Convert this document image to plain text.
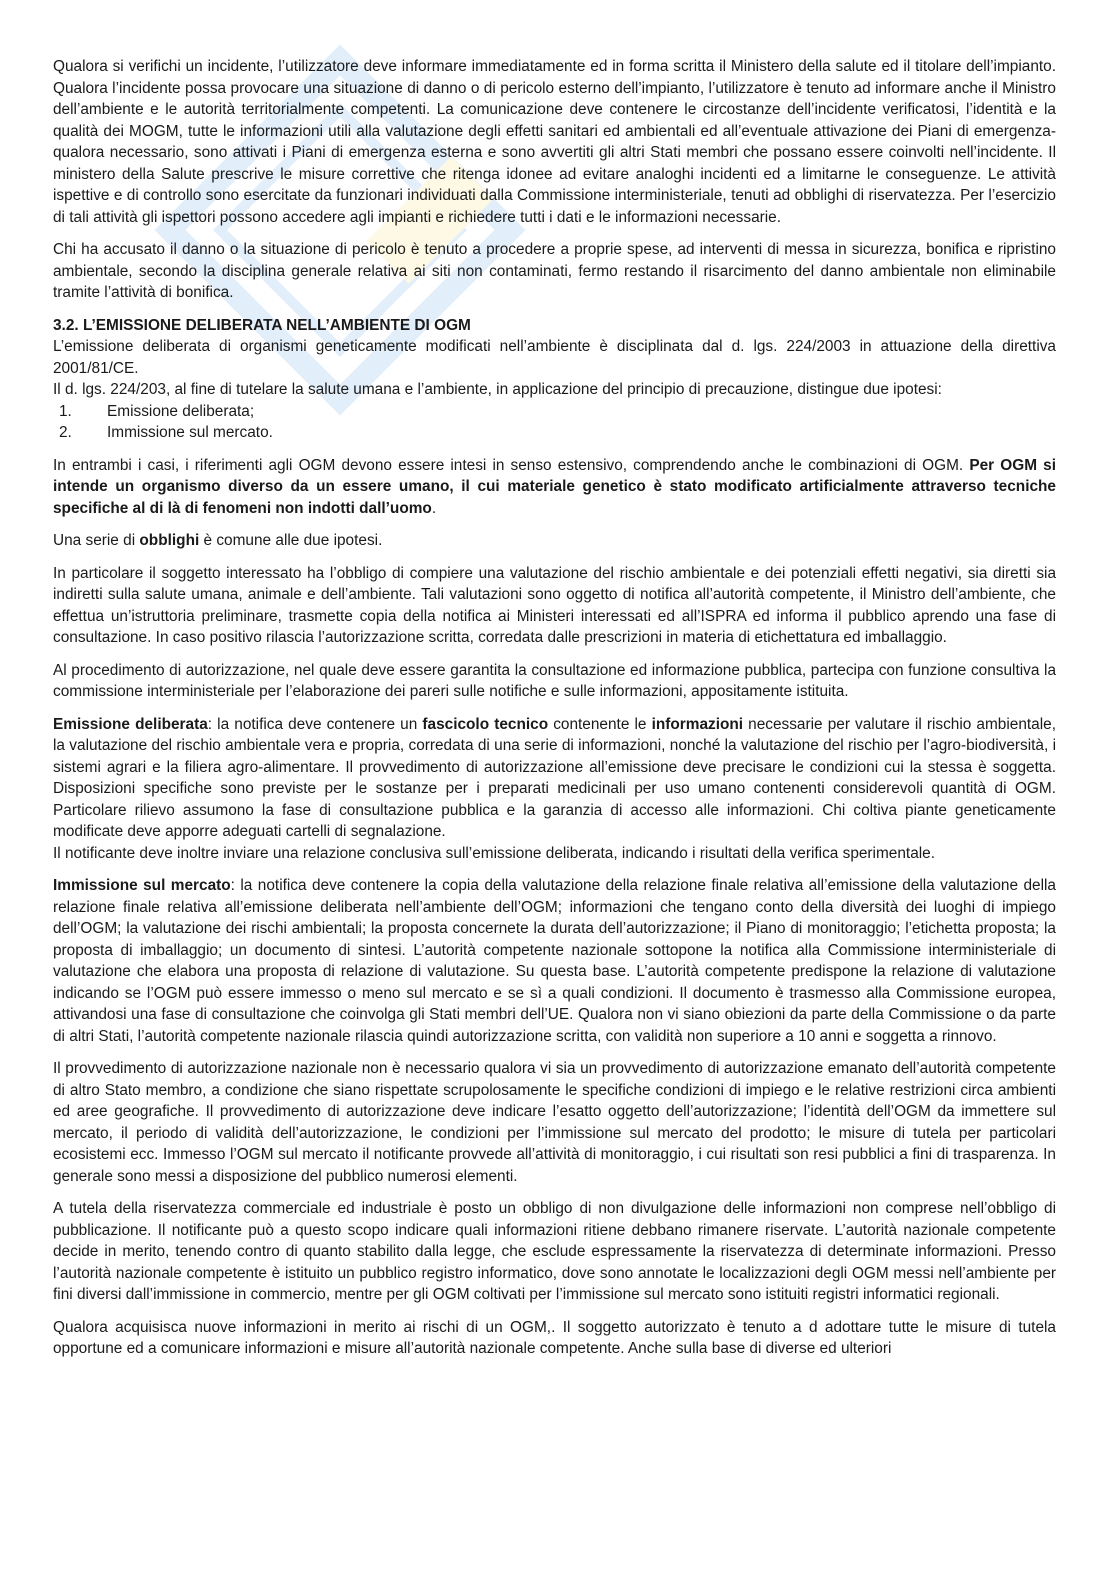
Qualora si verifichi un incidente, l’utilizzatore deve informare immediatamente ed in forma scritta il Ministero della salute ed il titolare dell’impianto. Qualora l’incidente possa provocare una situazione di danno o di pericolo esterno dell’impianto, l’utilizzatore è tenuto ad informare anche il Ministro dell’ambiente e le autorità territorialmente competenti. La comunicazione deve contenere le circostanze dell’incidente verificatosi, l’identità e la qualità dei MOGM, tutte le informazioni utili alla valutazione degli effetti sanitari ed ambientali ed all’eventuale attivazione dei Piani di emergenza- qualora necessario, sono attivati i Piani di emergenza esterna e sono avvertiti gli altri Stati membri che possano essere coinvolti nell’incidente. Il ministero della Salute prescrive le misure correttive che ritenga idonee ad evitare analoghi incidenti ed a limitarne le conseguenze. Le attività ispettive e di controllo sono esercitate da funzionari individuati dalla Commissione interministeriale, tenuti ad obblighi di riservatezza. Per l’esercizio di tali attività gli ispettori possono accedere agli impianti e richiedere tutti i dati e le informazioni necessarie.

Chi ha accusato il danno o la situazione di pericolo è tenuto a procedere a proprie spese, ad interventi di messa in sicurezza, bonifica e ripristino ambientale, secondo la disciplina generale relativa ai siti non contaminati, fermo restando il risarcimento del danno ambientale non eliminabile tramite l’attività di bonifica.

3.2. L’EMISSIONE DELIBERATA NELL’AMBIENTE DI OGM

L’emissione deliberata di organismi geneticamente modificati nell’ambiente è disciplinata dal d. lgs. 224/2003 in attuazione della direttiva 2001/81/CE.

Il d. lgs. 224/203, al fine di tutelare la salute umana e l’ambiente, in applicazione del principio di precauzione, distingue due ipotesi:

1.	Emissione deliberata;
2.	Immissione sul mercato.

In entrambi i casi, i riferimenti agli OGM devono essere intesi in senso estensivo, comprendendo anche le combinazioni di OGM. Per OGM si intende un organismo diverso da un essere umano, il cui materiale genetico è stato modificato artificialmente attraverso tecniche specifiche al di là di fenomeni non indotti dall’uomo.

Una serie di obblighi è comune alle due ipotesi.

In particolare il soggetto interessato ha l’obbligo di compiere una valutazione del rischio ambientale e dei potenziali effetti negativi, sia diretti sia indiretti sulla salute umana, animale e dell’ambiente. Tali valutazioni sono oggetto di notifica all’autorità competente, il Ministro dell’ambiente, che effettua un’istruttoria preliminare, trasmette copia della notifica ai Ministeri interessati ed all’ISPRA ed informa il pubblico aprendo una fase di consultazione. In caso positivo rilascia l’autorizzazione scritta, corredata dalle prescrizioni in materia di etichettatura ed imballaggio.

Al procedimento di autorizzazione, nel quale deve essere garantita la consultazione ed informazione pubblica, partecipa con funzione consultiva la commissione interministeriale per l’elaborazione dei pareri sulle notifiche e sulle informazioni, appositamente istituita.

Emissione deliberata: la notifica deve contenere un fascicolo tecnico contenente le informazioni necessarie per valutare il rischio ambientale, la valutazione del rischio ambientale vera e propria, corredata di una serie di informazioni, nonché la valutazione del rischio per l’agro-biodiversità, i sistemi agrari e la filiera agro-alimentare. Il provvedimento di autorizzazione all’emissione deve precisare le condizioni cui la stessa è soggetta. Disposizioni specifiche sono previste per le sostanze per i preparati medicinali per uso umano contenenti considerevoli quantità di OGM. Particolare rilievo assumono la fase di consultazione pubblica e la garanzia di accesso alle informazioni. Chi coltiva piante geneticamente modificate deve apporre adeguati cartelli di segnalazione.

Il notificante deve inoltre inviare una relazione conclusiva sull’emissione deliberata, indicando i risultati della verifica sperimentale.

Immissione sul mercato: la notifica deve contenere la copia della valutazione della relazione finale relativa all’emissione della valutazione della relazione finale relativa all’emissione deliberata nell’ambiente dell’OGM; informazioni che tengano conto della diversità dei luoghi di impiego dell’OGM; la valutazione dei rischi ambientali; la proposta concernete la durata dell’autorizzazione; il Piano di monitoraggio; l’etichetta proposta; la proposta di imballaggio; un documento di sintesi. L’autorità competente nazionale sottopone la notifica alla Commissione interministeriale di valutazione che elabora una proposta di relazione di valutazione. Su questa base. L’autorità competente predispone la relazione di valutazione indicando se l’OGM può essere immesso o meno sul mercato e se sì a quali condizioni. Il documento è trasmesso alla Commissione europea, attivandosi una fase di consultazione che coinvolga gli Stati membri dell’UE. Qualora non vi siano obiezioni da parte della Commissione o da parte di altri Stati, l’autorità competente nazionale rilascia quindi autorizzazione scritta, con validità non superiore a 10 anni e soggetta a rinnovo.

Il provvedimento di autorizzazione nazionale non è necessario qualora vi sia un provvedimento di autorizzazione emanato dell’autorità competente di altro Stato membro, a condizione che siano rispettate scrupolosamente le specifiche condizioni di impiego e le relative restrizioni circa ambienti ed aree geografiche. Il provvedimento di autorizzazione deve indicare l’esatto oggetto dell’autorizzazione; l’identità dell’OGM da immettere sul mercato, il periodo di validità dell’autorizzazione, le condizioni per l’immissione sul mercato del prodotto; le misure di tutela per particolari ecosistemi ecc. Immesso l’OGM sul mercato il notificante provvede all’attività di monitoraggio, i cui risultati son resi pubblici a fini di trasparenza. In generale sono messi a disposizione del pubblico numerosi elementi.

A tutela della riservatezza commerciale ed industriale è posto un obbligo di non divulgazione delle informazioni non comprese nell’obbligo di pubblicazione. Il notificante può a questo scopo indicare quali informazioni ritiene debbano rimanere riservate. L’autorità nazionale competente decide in merito, tenendo contro di quanto stabilito dalla legge, che esclude espressamente la riservatezza di determinate informazioni. Presso l’autorità nazionale competente è istituito un pubblico registro informatico, dove sono annotate le localizzazioni degli OGM messi nell’ambiente per fini diversi dall’immissione in commercio, mentre per gli OGM coltivati per l’immissione sul mercato sono istituiti registri informatici regionali.

Qualora acquisisca nuove informazioni in merito ai rischi di un OGM,. Il soggetto autorizzato è tenuto a d adottare tutte le misure di tutela opportune ed a comunicare informazioni e misure all’autorità nazionale competente. Anche sulla base di diverse ed ulteriori
